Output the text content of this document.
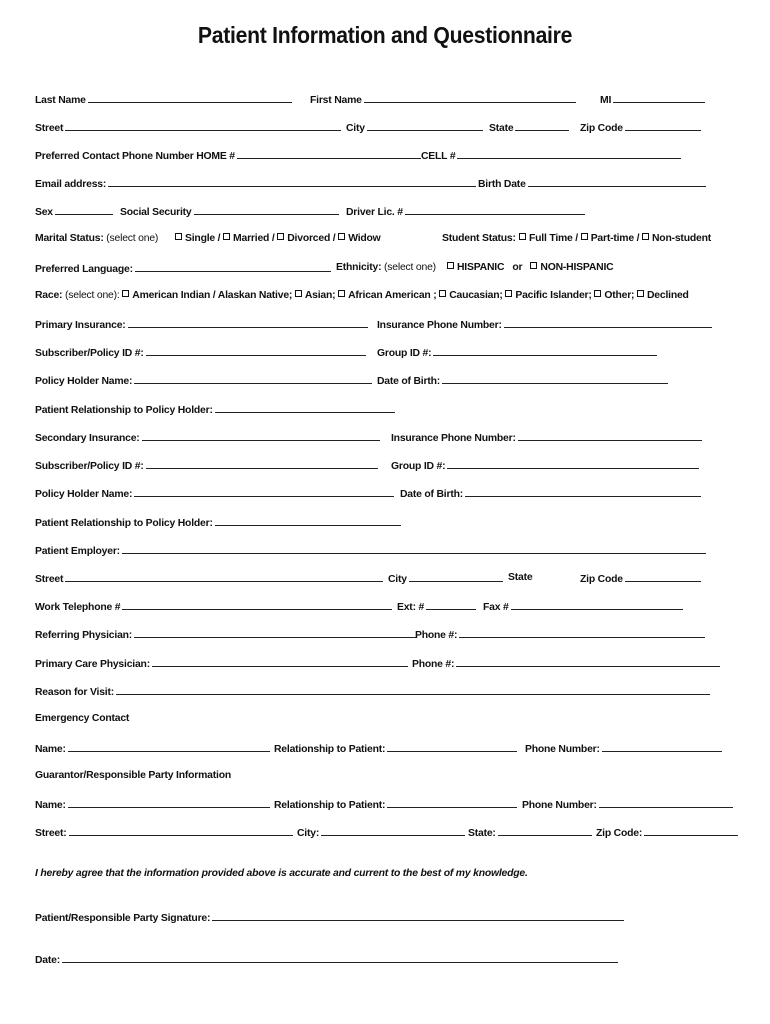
Patient Information and Questionnaire
Last Name	First Name	MI
Street	City	State	Zip Code
Preferred Contact Phone Number HOME #	CELL #
Email address:	Birth Date
Sex	Social Security	Driver Lic. #
Marital Status: (select one)	Single / Married / Divorced / Widow	Student Status:	Full Time / Part-time / Non-student
Preferred Language:	Ethnicity: (select one)	HISPANIC or NON-HISPANIC
Race: (select one): American Indian / Alaskan Native; Asian; African American ; Caucasian; Pacific Islander; Other; Declined
Primary Insurance:	Insurance Phone Number:
Subscriber/Policy ID #:	Group ID #:
Policy Holder Name:	Date of Birth:
Patient Relationship to Policy Holder:
Secondary Insurance:	Insurance Phone Number:
Subscriber/Policy ID #:	Group ID #:
Policy Holder Name:	Date of Birth:
Patient Relationship to Policy Holder:
Patient Employer:
Street	City	State	Zip Code
Work Telephone #	Ext: #	Fax #
Referring Physician:	Phone #:
Primary Care Physician:	Phone #:
Reason for Visit:
Emergency Contact
Name:	Relationship to Patient:	Phone Number:
Guarantor/Responsible Party Information
Name:	Relationship to Patient:	Phone Number:
Street:	City:	State:	Zip Code:
I hereby agree that the information provided above is accurate and current to the best of my knowledge.
Patient/Responsible Party Signature:
Date:
